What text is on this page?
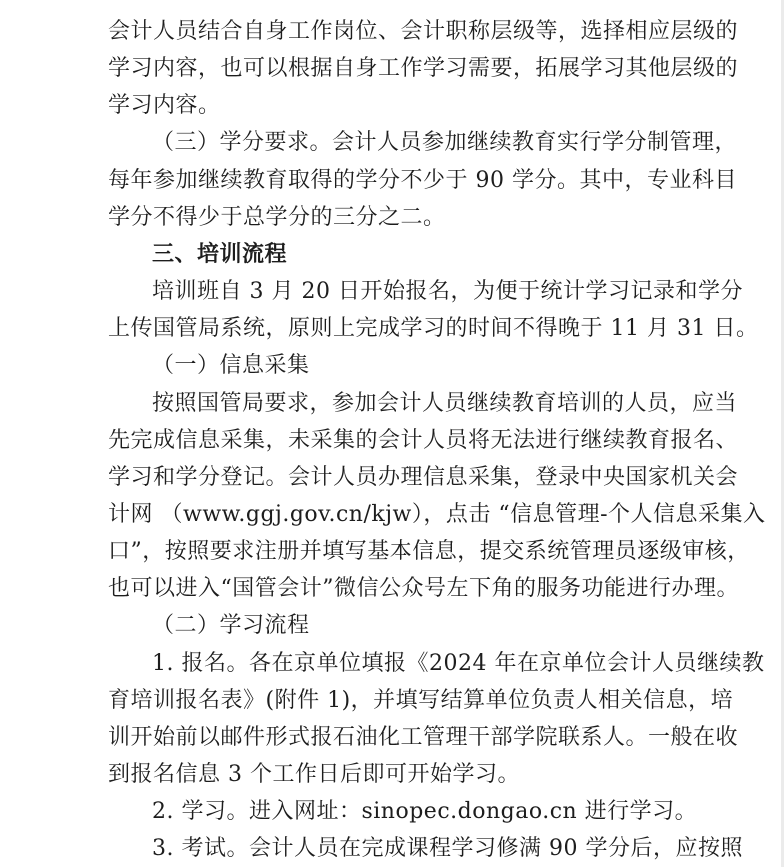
会计人员结合自身工作岗位、会计职称层级等，选择相应层级的
学习内容，也可以根据自身工作学习需要，拓展学习其他层级的
学习内容。
（三）学分要求。会计人员参加继续教育实行学分制管理，
每年参加继续教育取得的学分不少于 90 学分。其中，专业科目
学分不得少于总学分的三分之二。
三、培训流程
培训班自 3 月 20 日开始报名，为便于统计学习记录和学分
上传国管局系统，原则上完成学习的时间不得晚于 11 月 31 日。
（一）信息采集
按照国管局要求，参加会计人员继续教育培训的人员，应当
先完成信息采集，未采集的会计人员将无法进行继续教育报名、
学习和学分登记。会计人员办理信息采集，登录中央国家机关会
计网 （www.ggj.gov.cn/kjw），点击 “信息管理-个人信息采集入
口”，按照要求注册并填写基本信息，提交系统管理员逐级审核，
也可以进入“国管会计”微信公众号左下角的服务功能进行办理。
（二）学习流程
1. 报名。各在京单位填报《2024 年在京单位会计人员继续教
育培训报名表》(附件 1)，并填写结算单位负责人相关信息，培
训开始前以邮件形式报石油化工管理干部学院联系人。一般在收
到报名信息 3 个工作日后即可开始学习。
2. 学习。进入网址：sinopec.dongao.cn 进行学习。
3. 考试。会计人员在完成课程学习修满 90 学分后，应按照
